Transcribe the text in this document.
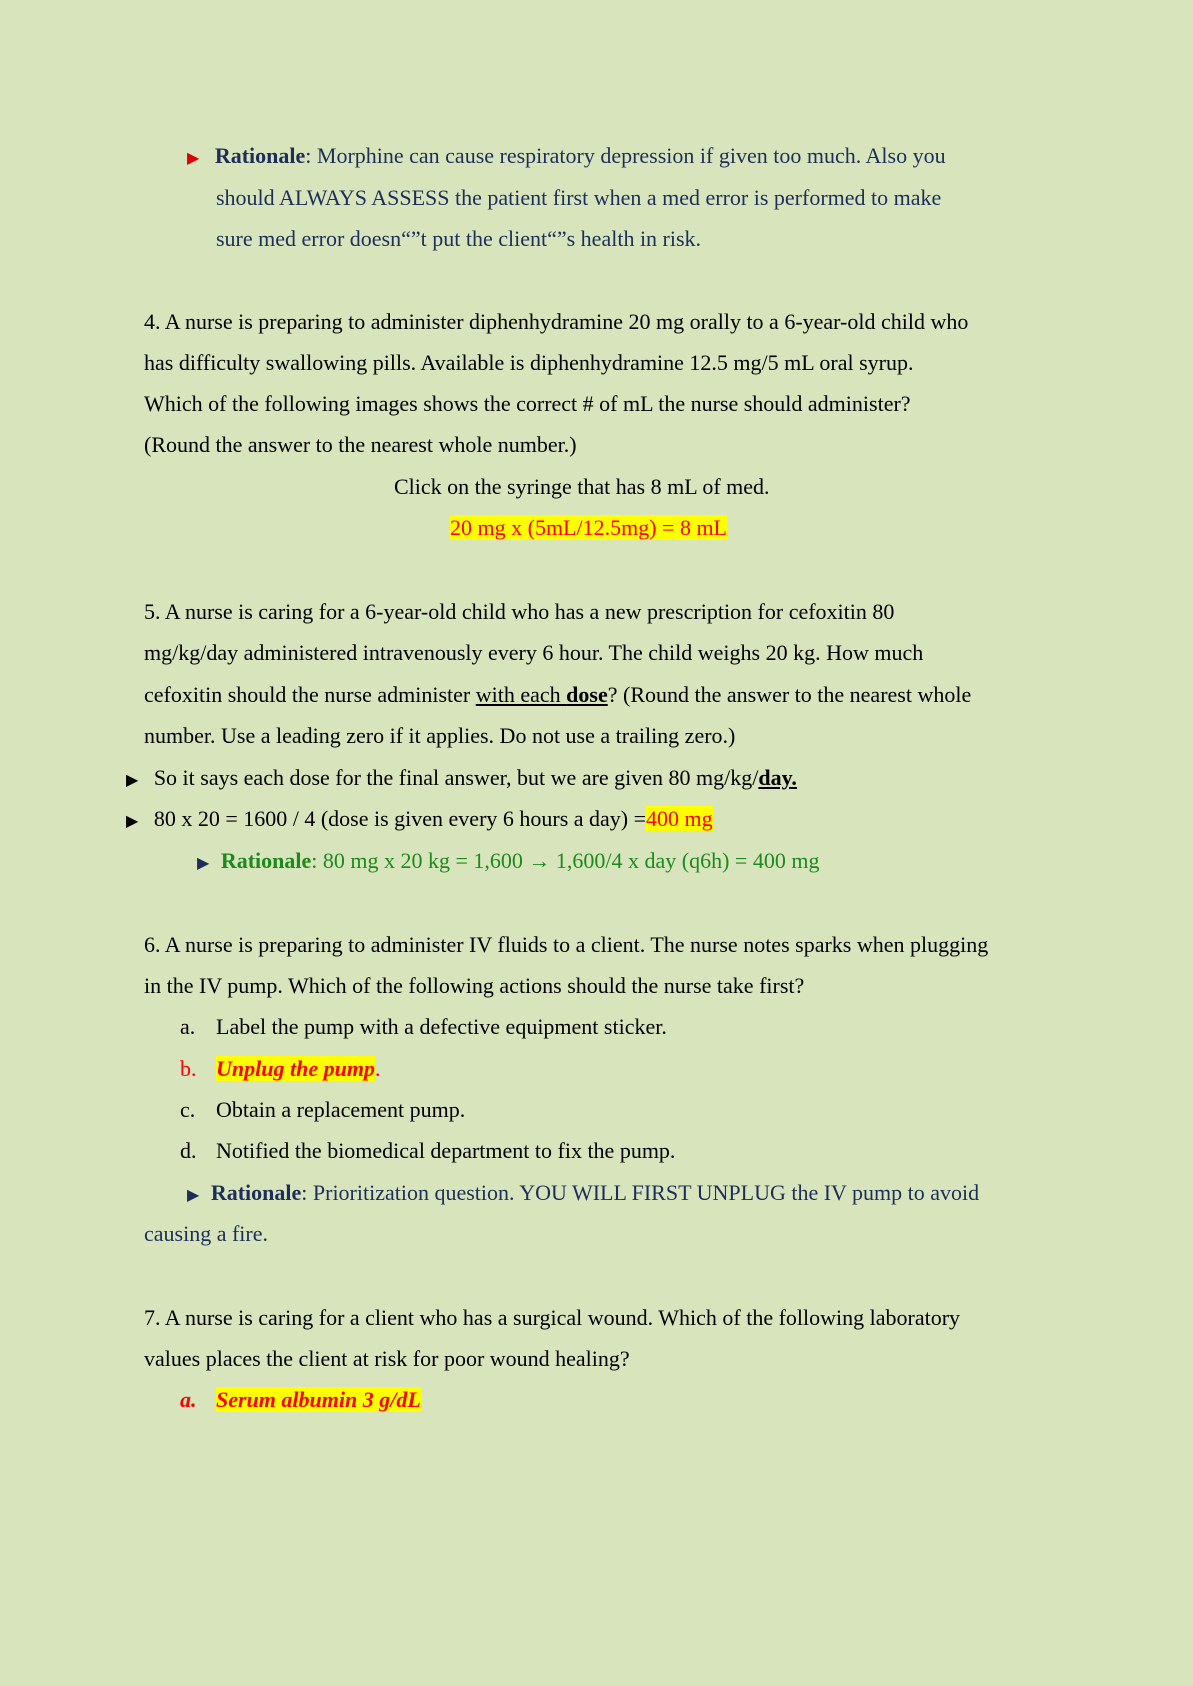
▶ Rationale: Morphine can cause respiratory depression if given too much. Also you
should ALWAYS ASSESS the patient first when a med error is performed to make
sure med error doesn“”t put the client“”s health in risk.
4. A nurse is preparing to administer diphenhydramine 20 mg orally to a 6-year-old child who
has difficulty swallowing pills. Available is diphenhydramine 12.5 mg/5 mL oral syrup.
Which of the following images shows the correct # of mL the nurse should administer?
(Round the answer to the nearest whole number.)
Click on the syringe that has 8 mL of med.
20 mg x (5mL/12.5mg) = 8 mL
5. A nurse is caring for a 6-year-old child who has a new prescription for cefoxitin 80
mg/kg/day administered intravenously every 6 hour. The child weighs 20 kg. How much
cefoxitin should the nurse administer with each dose? (Round the answer to the nearest whole
number. Use a leading zero if it applies. Do not use a trailing zero.)
▶ So it says each dose for the final answer, but we are given 80 mg/kg/day.
▶ 80 x 20 = 1600 / 4 (dose is given every 6 hours a day) =400 mg
▶ Rationale: 80 mg x 20 kg = 1,600 → 1,600/4 x day (q6h) = 400 mg
6. A nurse is preparing to administer IV fluids to a client. The nurse notes sparks when plugging
in the IV pump. Which of the following actions should the nurse take first?
a. Label the pump with a defective equipment sticker.
b. Unplug the pump.
c. Obtain a replacement pump.
d. Notified the biomedical department to fix the pump.
▶ Rationale: Prioritization question. YOU WILL FIRST UNPLUG the IV pump to avoid
causing a fire.
7. A nurse is caring for a client who has a surgical wound. Which of the following laboratory
values places the client at risk for poor wound healing?
a. Serum albumin 3 g/dL
